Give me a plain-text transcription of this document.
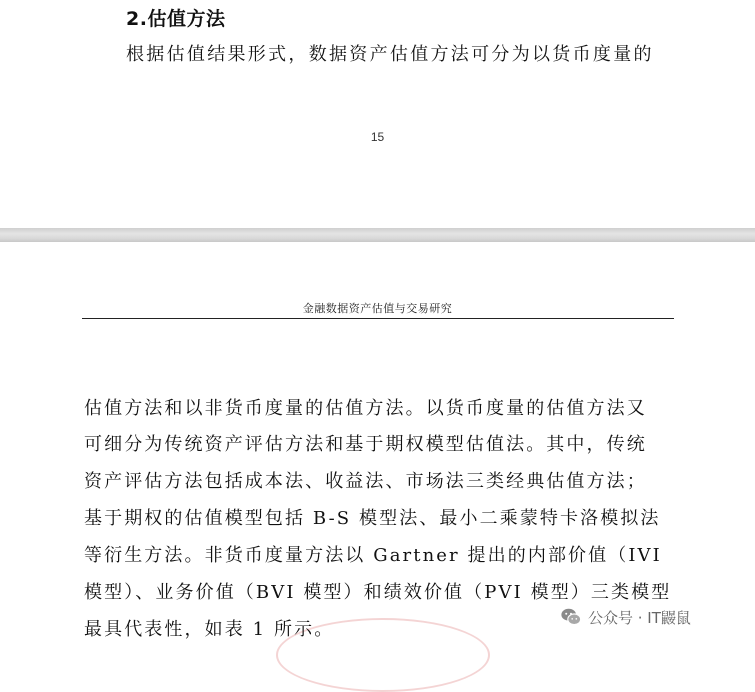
2.估值方法

根据估值结果形式，数据资产估值方法可分为以货币度量的

15
金融数据资产估值与交易研究

估值方法和以非货币度量的估值方法。以货币度量的估值方法又

可细分为传统资产评估方法和基于期权模型估值法。其中，传统

资产评估方法包括成本法、收益法、市场法三类经典估值方法；

基于期权的估值模型包括 B-S 模型法、最小二乘蒙特卡洛模拟法

等衍生方法。非货币度量方法以 Gartner 提出的内部价值（IVI

模型）、业务价值（BVI 模型）和绩效价值（PVI 模型）三类模型

最具代表性，如表 1 所示。

公众号 · IT鼹鼠
